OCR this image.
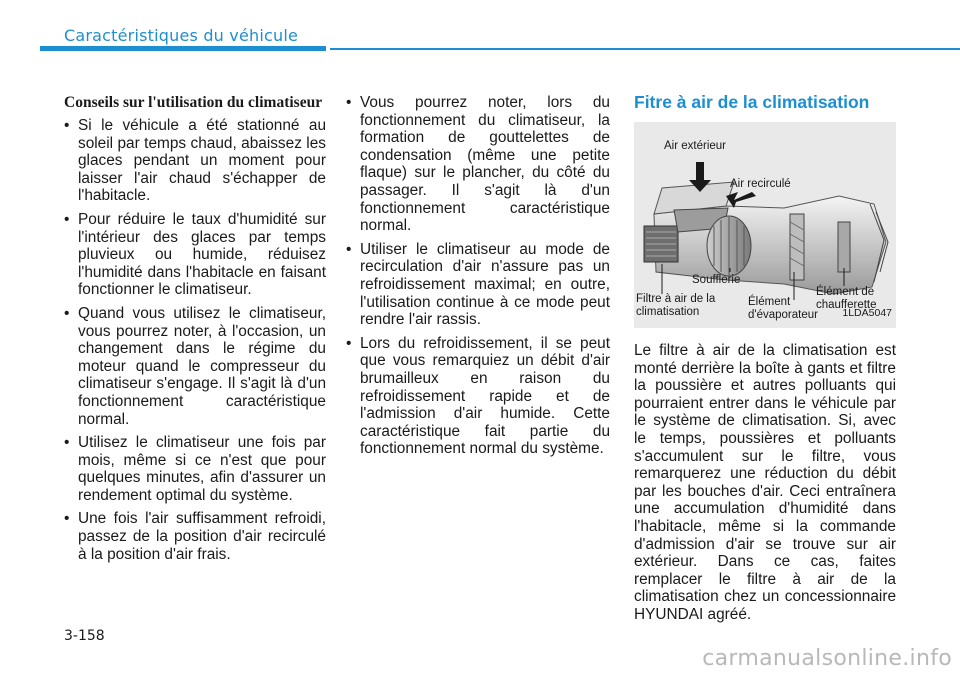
Caractéristiques du véhicule
Conseils sur l'utilisation du climatiseur
• Si le véhicule a été stationné au soleil par temps chaud, abaissez les glaces pendant un moment pour laisser l'air chaud s'échapper de l'habitacle.
• Pour réduire le taux d'humidité sur l'intérieur des glaces par temps pluvieux ou humide, réduisez l'humidité dans l'habitacle en faisant fonctionner le climatiseur.
• Quand vous utilisez le climatiseur, vous pourrez noter, à l'occasion, un changement dans le régime du moteur quand le compresseur du climatiseur s'engage. Il s'agit là d'un fonctionnement caractéristique normal.
• Utilisez le climatiseur une fois par mois, même si ce n'est que pour quelques minutes, afin d'assurer un rendement optimal du système.
• Une fois l'air suffisamment refroidi, passez de la position d'air recirculé à la position d'air frais.
• Vous pourrez noter, lors du fonctionnement du climatiseur, la formation de gouttelettes de condensation (même une petite flaque) sur le plancher, du côté du passager. Il s'agit là d'un fonctionnement caractéristique normal.
• Utiliser le climatiseur au mode de recirculation d'air n'assure pas un refroidissement maximal; en outre, l'utilisation continue à ce mode peut rendre l'air rassis.
• Lors du refroidissement, il se peut que vous remarquiez un débit d'air brumailleux en raison du refroidissement rapide et de l'admission d'air humide. Cette caractéristique fait partie du fonctionnement normal du système.
Fitre à air de la climatisation
Air extérieur
Air recirculé
Soufflerie
Filtre à air de la
climatisation
Élément
d'évaporateur
Élément de
chaufferette
1LDA5047
Le filtre à air de la climatisation est monté derrière la boîte à gants et filtre la poussière et autres polluants qui pourraient entrer dans le véhicule par le système de climatisation. Si, avec le temps, poussières et polluants s'accumulent sur le filtre, vous remarquerez une réduction du débit par les bouches d'air. Ceci entraînera une accumulation d'humidité dans l'habitacle, même si la commande d'admission d'air se trouve sur air extérieur. Dans ce cas, faites remplacer le filtre à air de la climatisation chez un concessionnaire HYUNDAI agréé.
3-158
carmanualsonline.info
